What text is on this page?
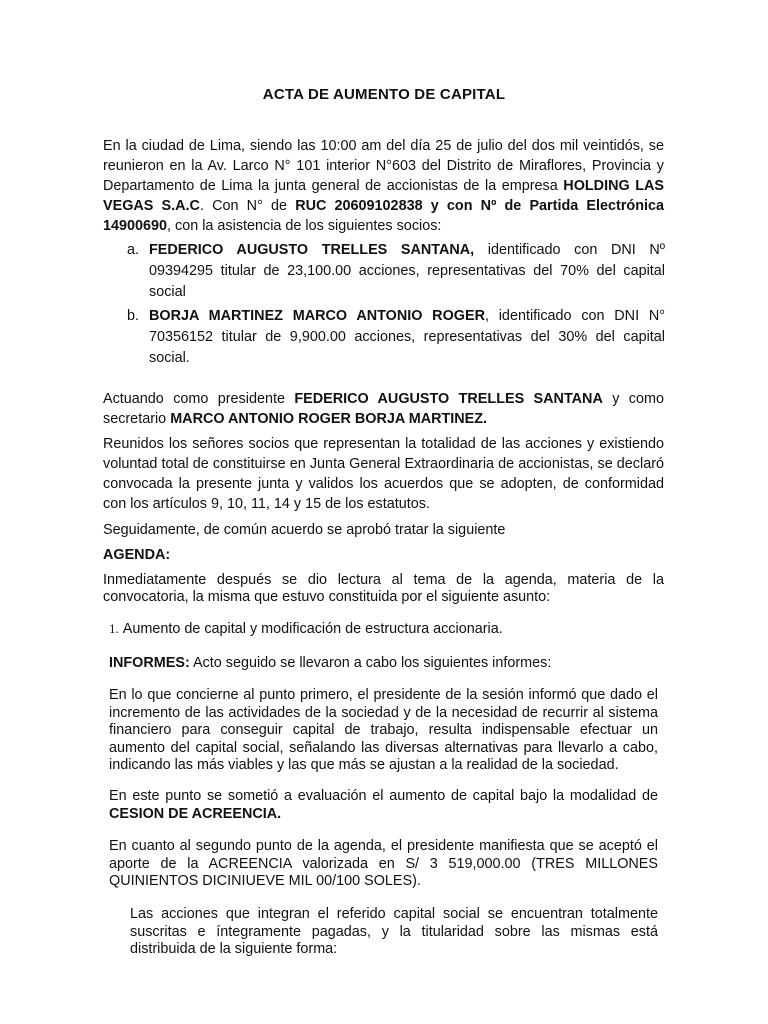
ACTA DE AUMENTO DE CAPITAL

En la ciudad de Lima, siendo las 10:00 am del día 25 de julio del dos mil veintidós, se reunieron en la Av. Larco N° 101 interior N°603 del Distrito de Miraflores, Provincia y Departamento de Lima la junta general de accionistas de la empresa HOLDING LAS VEGAS S.A.C. Con N° de RUC 20609102838 y con Nº de Partida Electrónica 14900690, con la asistencia de los siguientes socios:

a. FEDERICO AUGUSTO TRELLES SANTANA, identificado con DNI Nº 09394295 titular de 23,100.00 acciones, representativas del 70% del capital social
b. BORJA MARTINEZ MARCO ANTONIO ROGER, identificado con DNI N° 70356152 titular de 9,900.00 acciones, representativas del 30% del capital social.

Actuando como presidente FEDERICO AUGUSTO TRELLES SANTANA y como secretario MARCO ANTONIO ROGER BORJA MARTINEZ.

Reunidos los señores socios que representan la totalidad de las acciones y existiendo voluntad total de constituirse en Junta General Extraordinaria de accionistas, se declaró convocada la presente junta y validos los acuerdos que se adopten, de conformidad con los artículos 9, 10, 11, 14 y 15 de los estatutos.

Seguidamente, de común acuerdo se aprobó tratar la siguiente

AGENDA:

Inmediatamente después se dio lectura al tema de la agenda, materia de la convocatoria, la misma que estuvo constituida por el siguiente asunto:

1. Aumento de capital y modificación de estructura accionaria.

INFORMES: Acto seguido se llevaron a cabo los siguientes informes:

En lo que concierne al punto primero, el presidente de la sesión informó que dado el incremento de las actividades de la sociedad y de la necesidad de recurrir al sistema financiero para conseguir capital de trabajo, resulta indispensable efectuar un aumento del capital social, señalando las diversas alternativas para llevarlo a cabo, indicando las más viables y las que más se ajustan a la realidad de la sociedad.

En este punto se sometió a evaluación el aumento de capital bajo la modalidad de CESION DE ACREENCIA.

En cuanto al segundo punto de la agenda, el presidente manifiesta que se aceptó el aporte de la ACREENCIA valorizada en S/ 3 519,000.00 (TRES MILLONES QUINIENTOS DICINIUEVE MIL 00/100 SOLES).

Las acciones que integran el referido capital social se encuentran totalmente suscritas e íntegramente pagadas, y la titularidad sobre las mismas está distribuida de la siguiente forma:
